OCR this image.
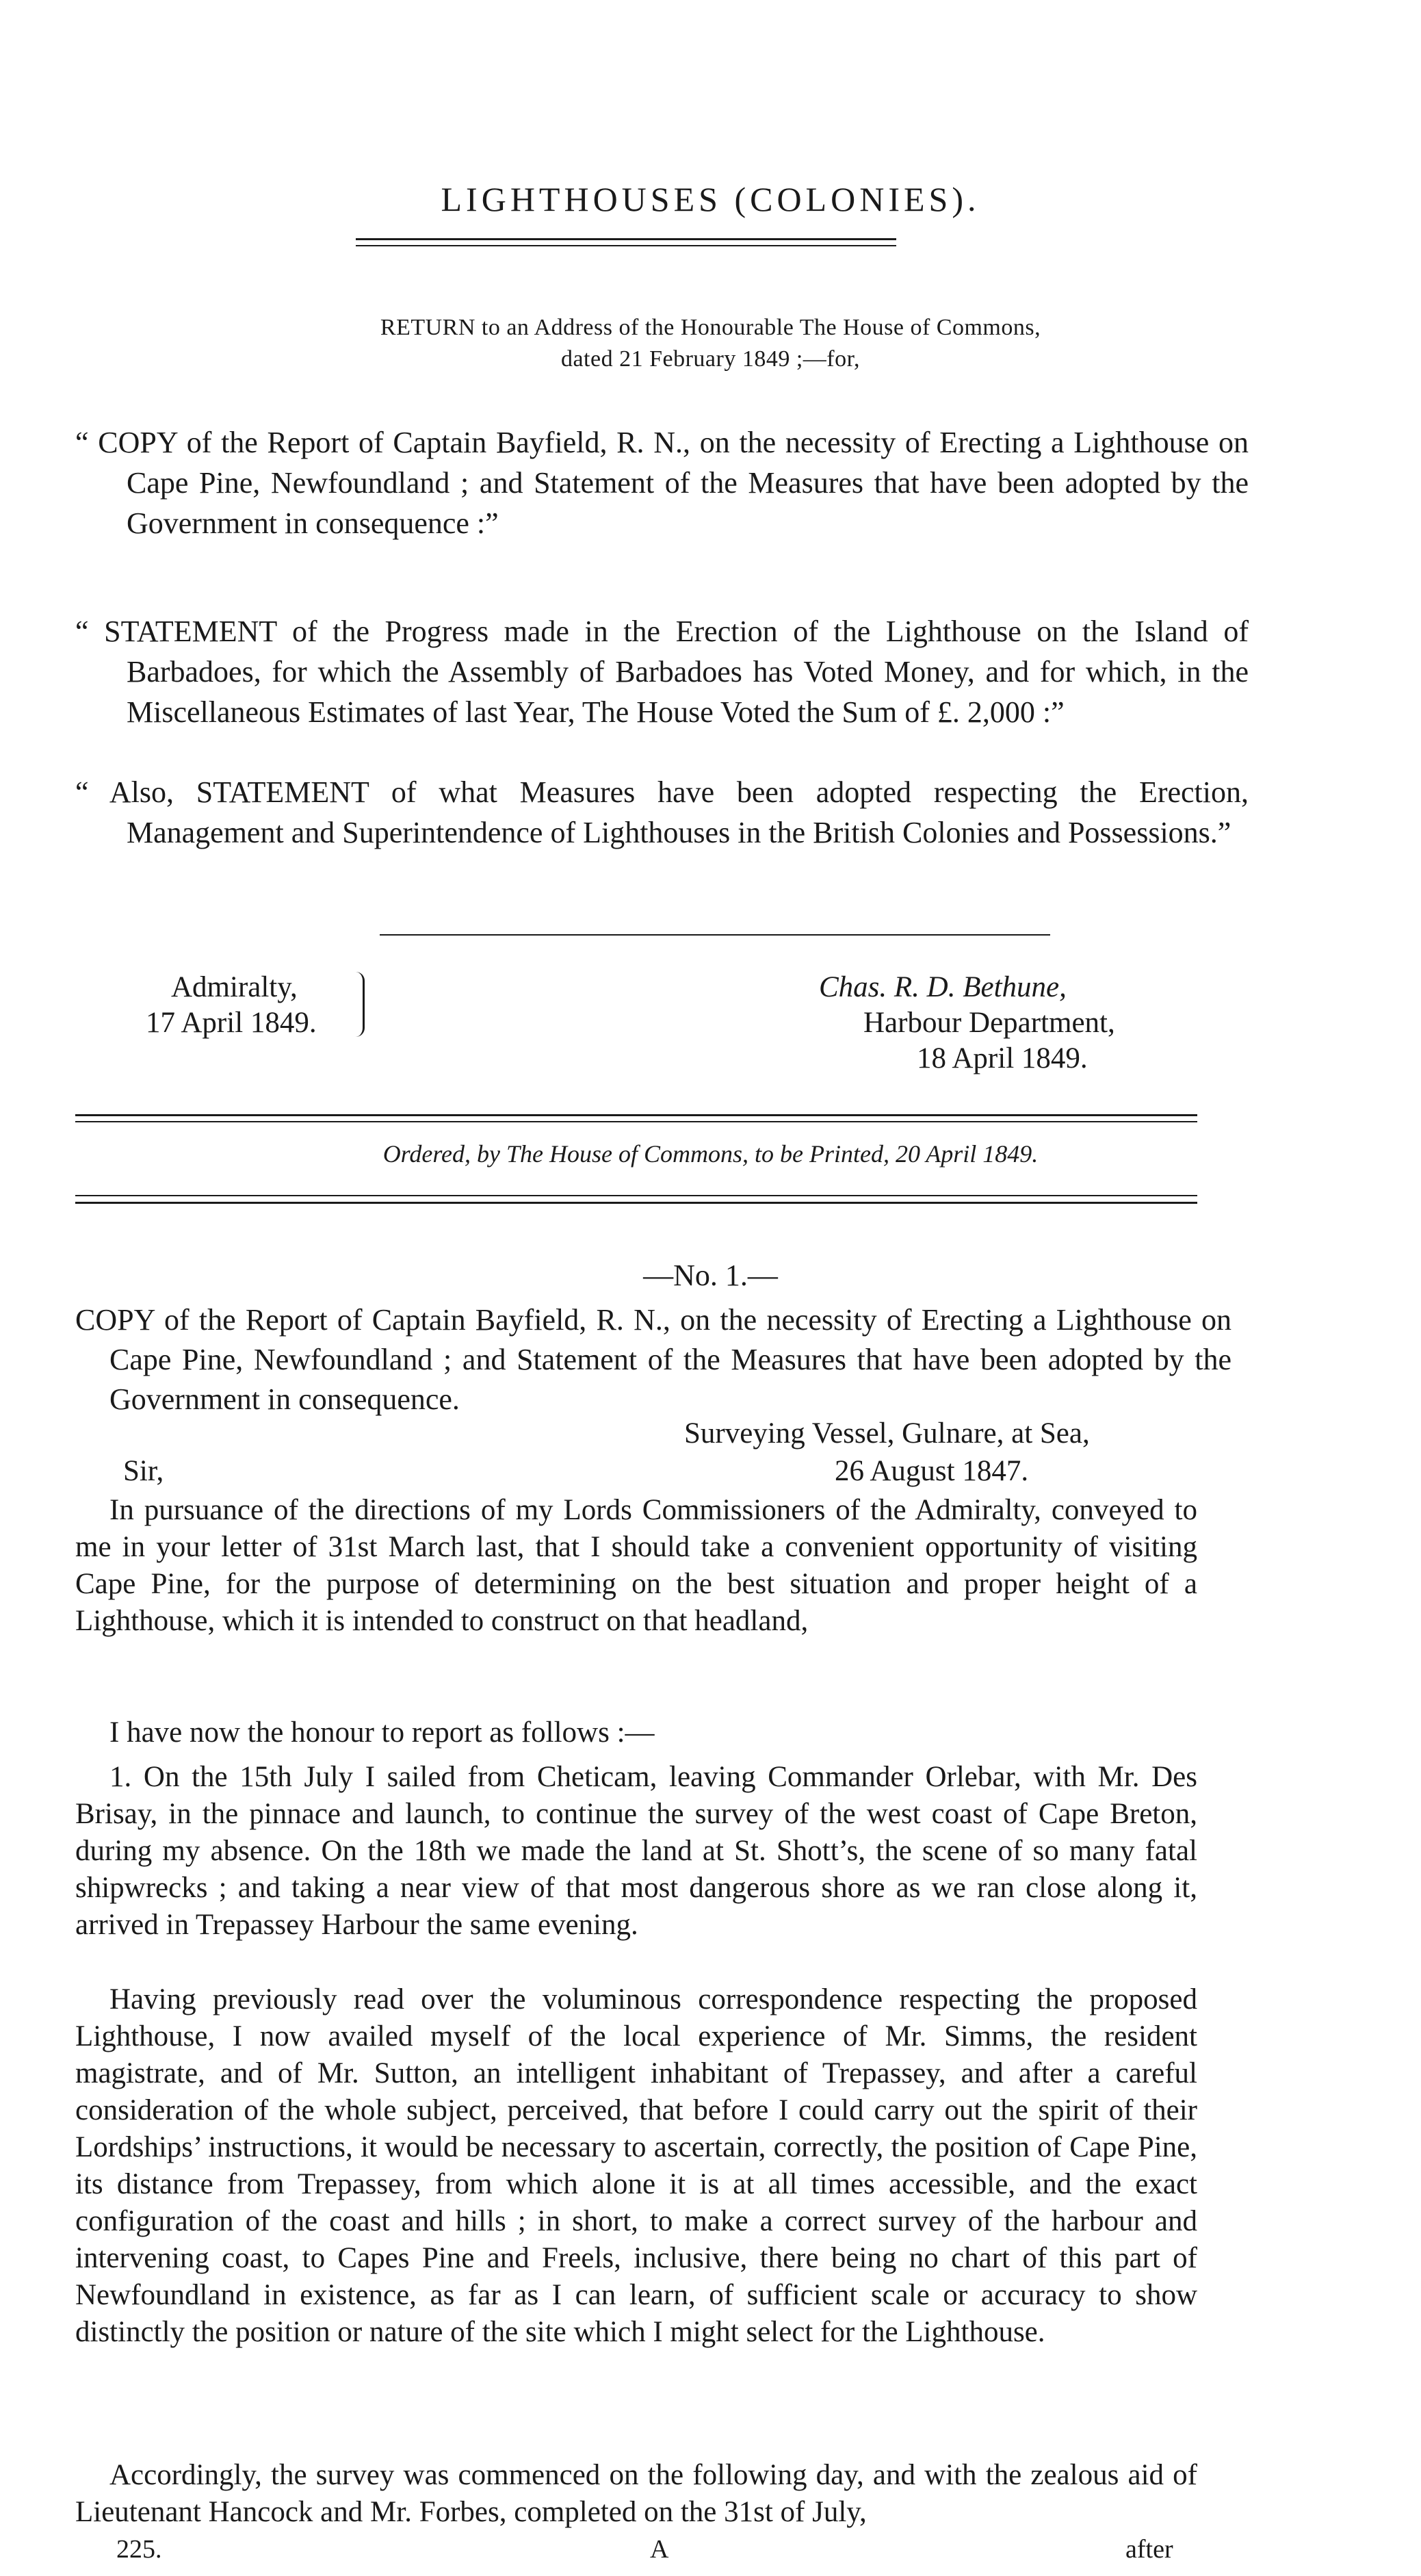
LIGHTHOUSES (COLONIES).
RETURN to an Address of the Honourable The House of Commons,
dated 21 February 1849 ;—for,
“ COPY of the Report of Captain Bayfield, R. N., on the necessity of Erecting a Lighthouse on Cape Pine, Newfoundland ; and Statement of the Measures that have been adopted by the Government in consequence :”
“ STATEMENT of the Progress made in the Erection of the Lighthouse on the Island of Barbadoes, for which the Assembly of Barbadoes has Voted Money, and for which, in the Miscellaneous Estimates of last Year, The House Voted the Sum of £. 2,000 :”
“ Also, STATEMENT of what Measures have been adopted respecting the Erection, Management and Superintendence of Lighthouses in the British Colonies and Possessions.”
Admiralty,
17 April 1849.
Chas. R. D. Bethune,
Harbour Department,
18 April 1849.
Ordered, by The House of Commons, to be Printed, 20 April 1849.
—No. 1.—
COPY of the Report of Captain Bayfield, R. N., on the necessity of Erecting a Lighthouse on Cape Pine, Newfoundland ; and Statement of the Measures that have been adopted by the Government in consequence.
Surveying Vessel, Gulnare, at Sea,
Sir,	26 August 1847.
In pursuance of the directions of my Lords Commissioners of the Admiralty, conveyed to me in your letter of 31st March last, that I should take a convenient opportunity of visiting Cape Pine, for the purpose of determining on the best situation and proper height of a Lighthouse, which it is intended to construct on that headland,
I have now the honour to report as follows :—
1. On the 15th July I sailed from Cheticam, leaving Commander Orlebar, with Mr. Des Brisay, in the pinnace and launch, to continue the survey of the west coast of Cape Breton, during my absence. On the 18th we made the land at St. Shott’s, the scene of so many fatal shipwrecks ; and taking a near view of that most dangerous shore as we ran close along it, arrived in Trepassey Harbour the same evening.
Having previously read over the voluminous correspondence respecting the proposed Lighthouse, I now availed myself of the local experience of Mr. Simms, the resident magistrate, and of Mr. Sutton, an intelligent inhabitant of Trepassey, and after a careful consideration of the whole subject, perceived, that before I could carry out the spirit of their Lordships’ instructions, it would be necessary to ascertain, correctly, the position of Cape Pine, its distance from Trepassey, from which alone it is at all times accessible, and the exact configuration of the coast and hills ; in short, to make a correct survey of the harbour and intervening coast, to Capes Pine and Freels, inclusive, there being no chart of this part of Newfoundland in existence, as far as I can learn, of sufficient scale or accuracy to show distinctly the position or nature of the site which I might select for the Lighthouse.
Accordingly, the survey was commenced on the following day, and with the zealous aid of Lieutenant Hancock and Mr. Forbes, completed on the 31st of July,
225.	A	after
